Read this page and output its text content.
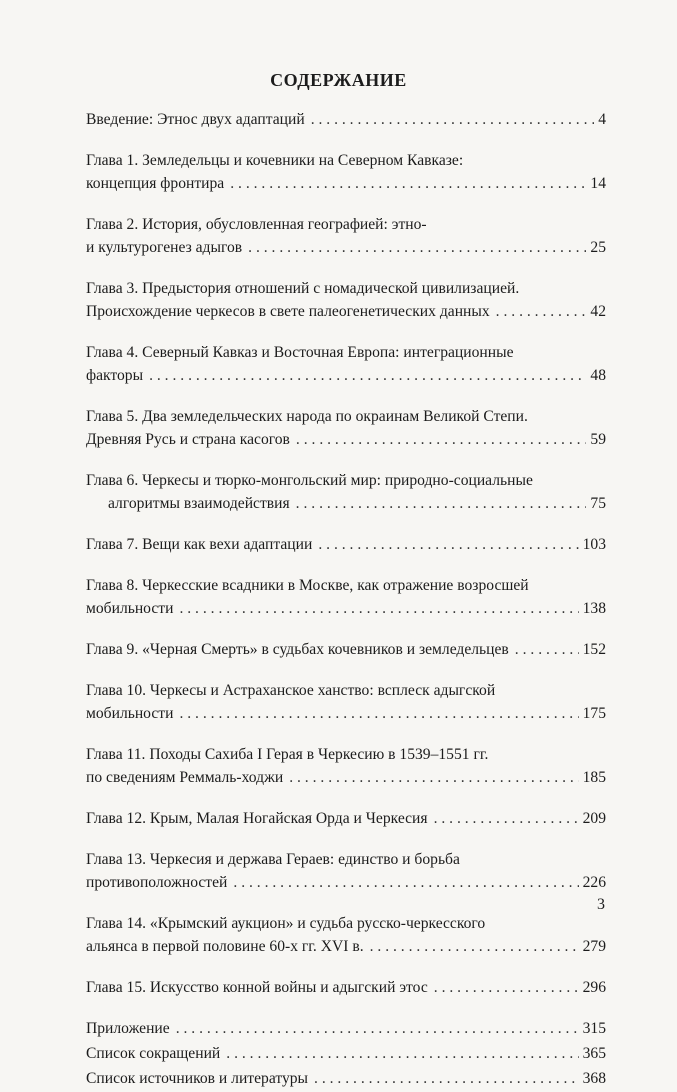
СОДЕРЖАНИЕ
Введение: Этнос двух адаптаций . . .	4
Глава 1. Земледельцы и кочевники на Северном Кавказе:
концепция фронтира . . .	14
Глава 2. История, обусловленная географией: этно-
и культурогенез адыгов . . .	25
Глава 3. Предыстория отношений с номадической цивилизацией.
Происхождение черкесов в свете палеогенетических данных . . .	42
Глава 4. Северный Кавказ и Восточная Европа: интеграционные
факторы . . .	48
Глава 5. Два земледельческих народа по окраинам Великой Степи.
Древняя Русь и страна касогов . . .	59
Глава 6. Черкесы и тюрко-монгольский мир: природно-социальные
алгоритмы взаимодействия . . .	75
Глава 7. Вещи как вехи адаптации . . .	103
Глава 8. Черкесские всадники в Москве, как отражение возросшей
мобильности . . .	138
Глава 9. «Черная Смерть» в судьбах кочевников и земледельцев . . .	152
Глава 10. Черкесы и Астраханское ханство: всплеск адыгской
мобильности . . .	175
Глава 11. Походы Сахиба I Герая в Черкесию в 1539–1551 гг.
по сведениям Реммаль-ходжи . . .	185
Глава 12. Крым, Малая Ногайская Орда и Черкесия . . .	209
Глава 13. Черкесия и держава Гераев: единство и борьба
противоположностей . . .	226
Глава 14. «Крымский аукцион» и судьба русско-черкесского
альянса в первой половине 60-х гг. XVI в. . . .	279
Глава 15. Искусство конной войны и адыгский этос . . .	296
Приложение . . .	315
Список сокращений . . .	365
Список источников и литературы . . .	368
3
